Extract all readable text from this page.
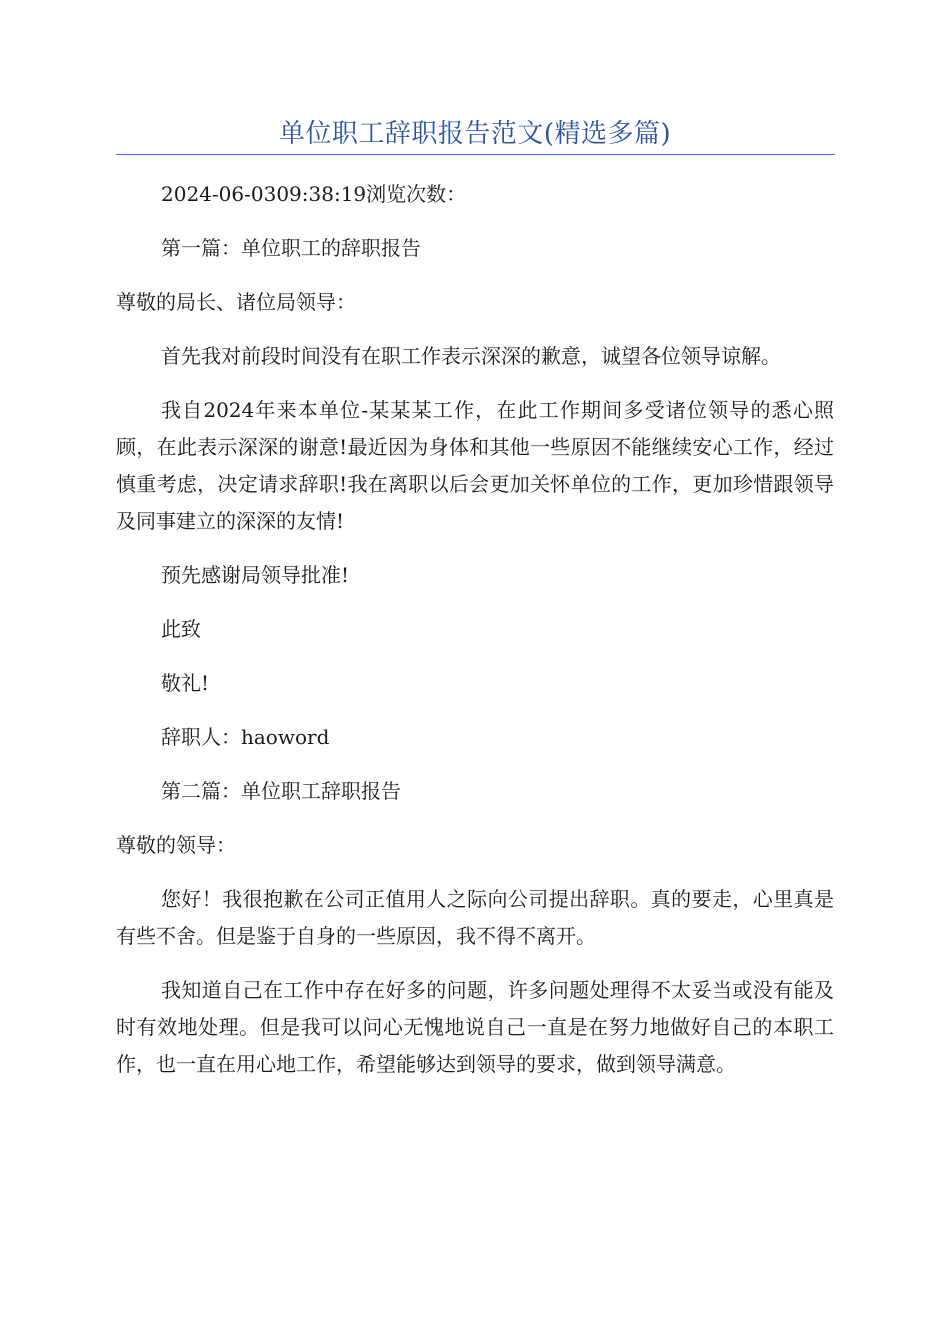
单位职工辞职报告范文(精选多篇)

2024-06-0309:38:19浏览次数：

第一篇：单位职工的辞职报告

尊敬的局长、诸位局领导：

首先我对前段时间没有在职工作表示深深的歉意，诚望各位领导谅解。

我自2024年来本单位-某某某工作，在此工作期间多受诸位领导的悉心照顾，在此表示深深的谢意!最近因为身体和其他一些原因不能继续安心工作，经过慎重考虑，决定请求辞职!我在离职以后会更加关怀单位的工作，更加珍惜跟领导及同事建立的深深的友情!

预先感谢局领导批准!

此致

敬礼!

辞职人：haoword

第二篇：单位职工辞职报告

尊敬的领导：

您好！我很抱歉在公司正值用人之际向公司提出辞职。真的要走，心里真是有些不舍。但是鉴于自身的一些原因，我不得不离开。

我知道自己在工作中存在好多的问题，许多问题处理得不太妥当或没有能及时有效地处理。但是我可以问心无愧地说自己一直是在努力地做好自己的本职工作，也一直在用心地工作，希望能够达到领导的要求，做到领导满意。
